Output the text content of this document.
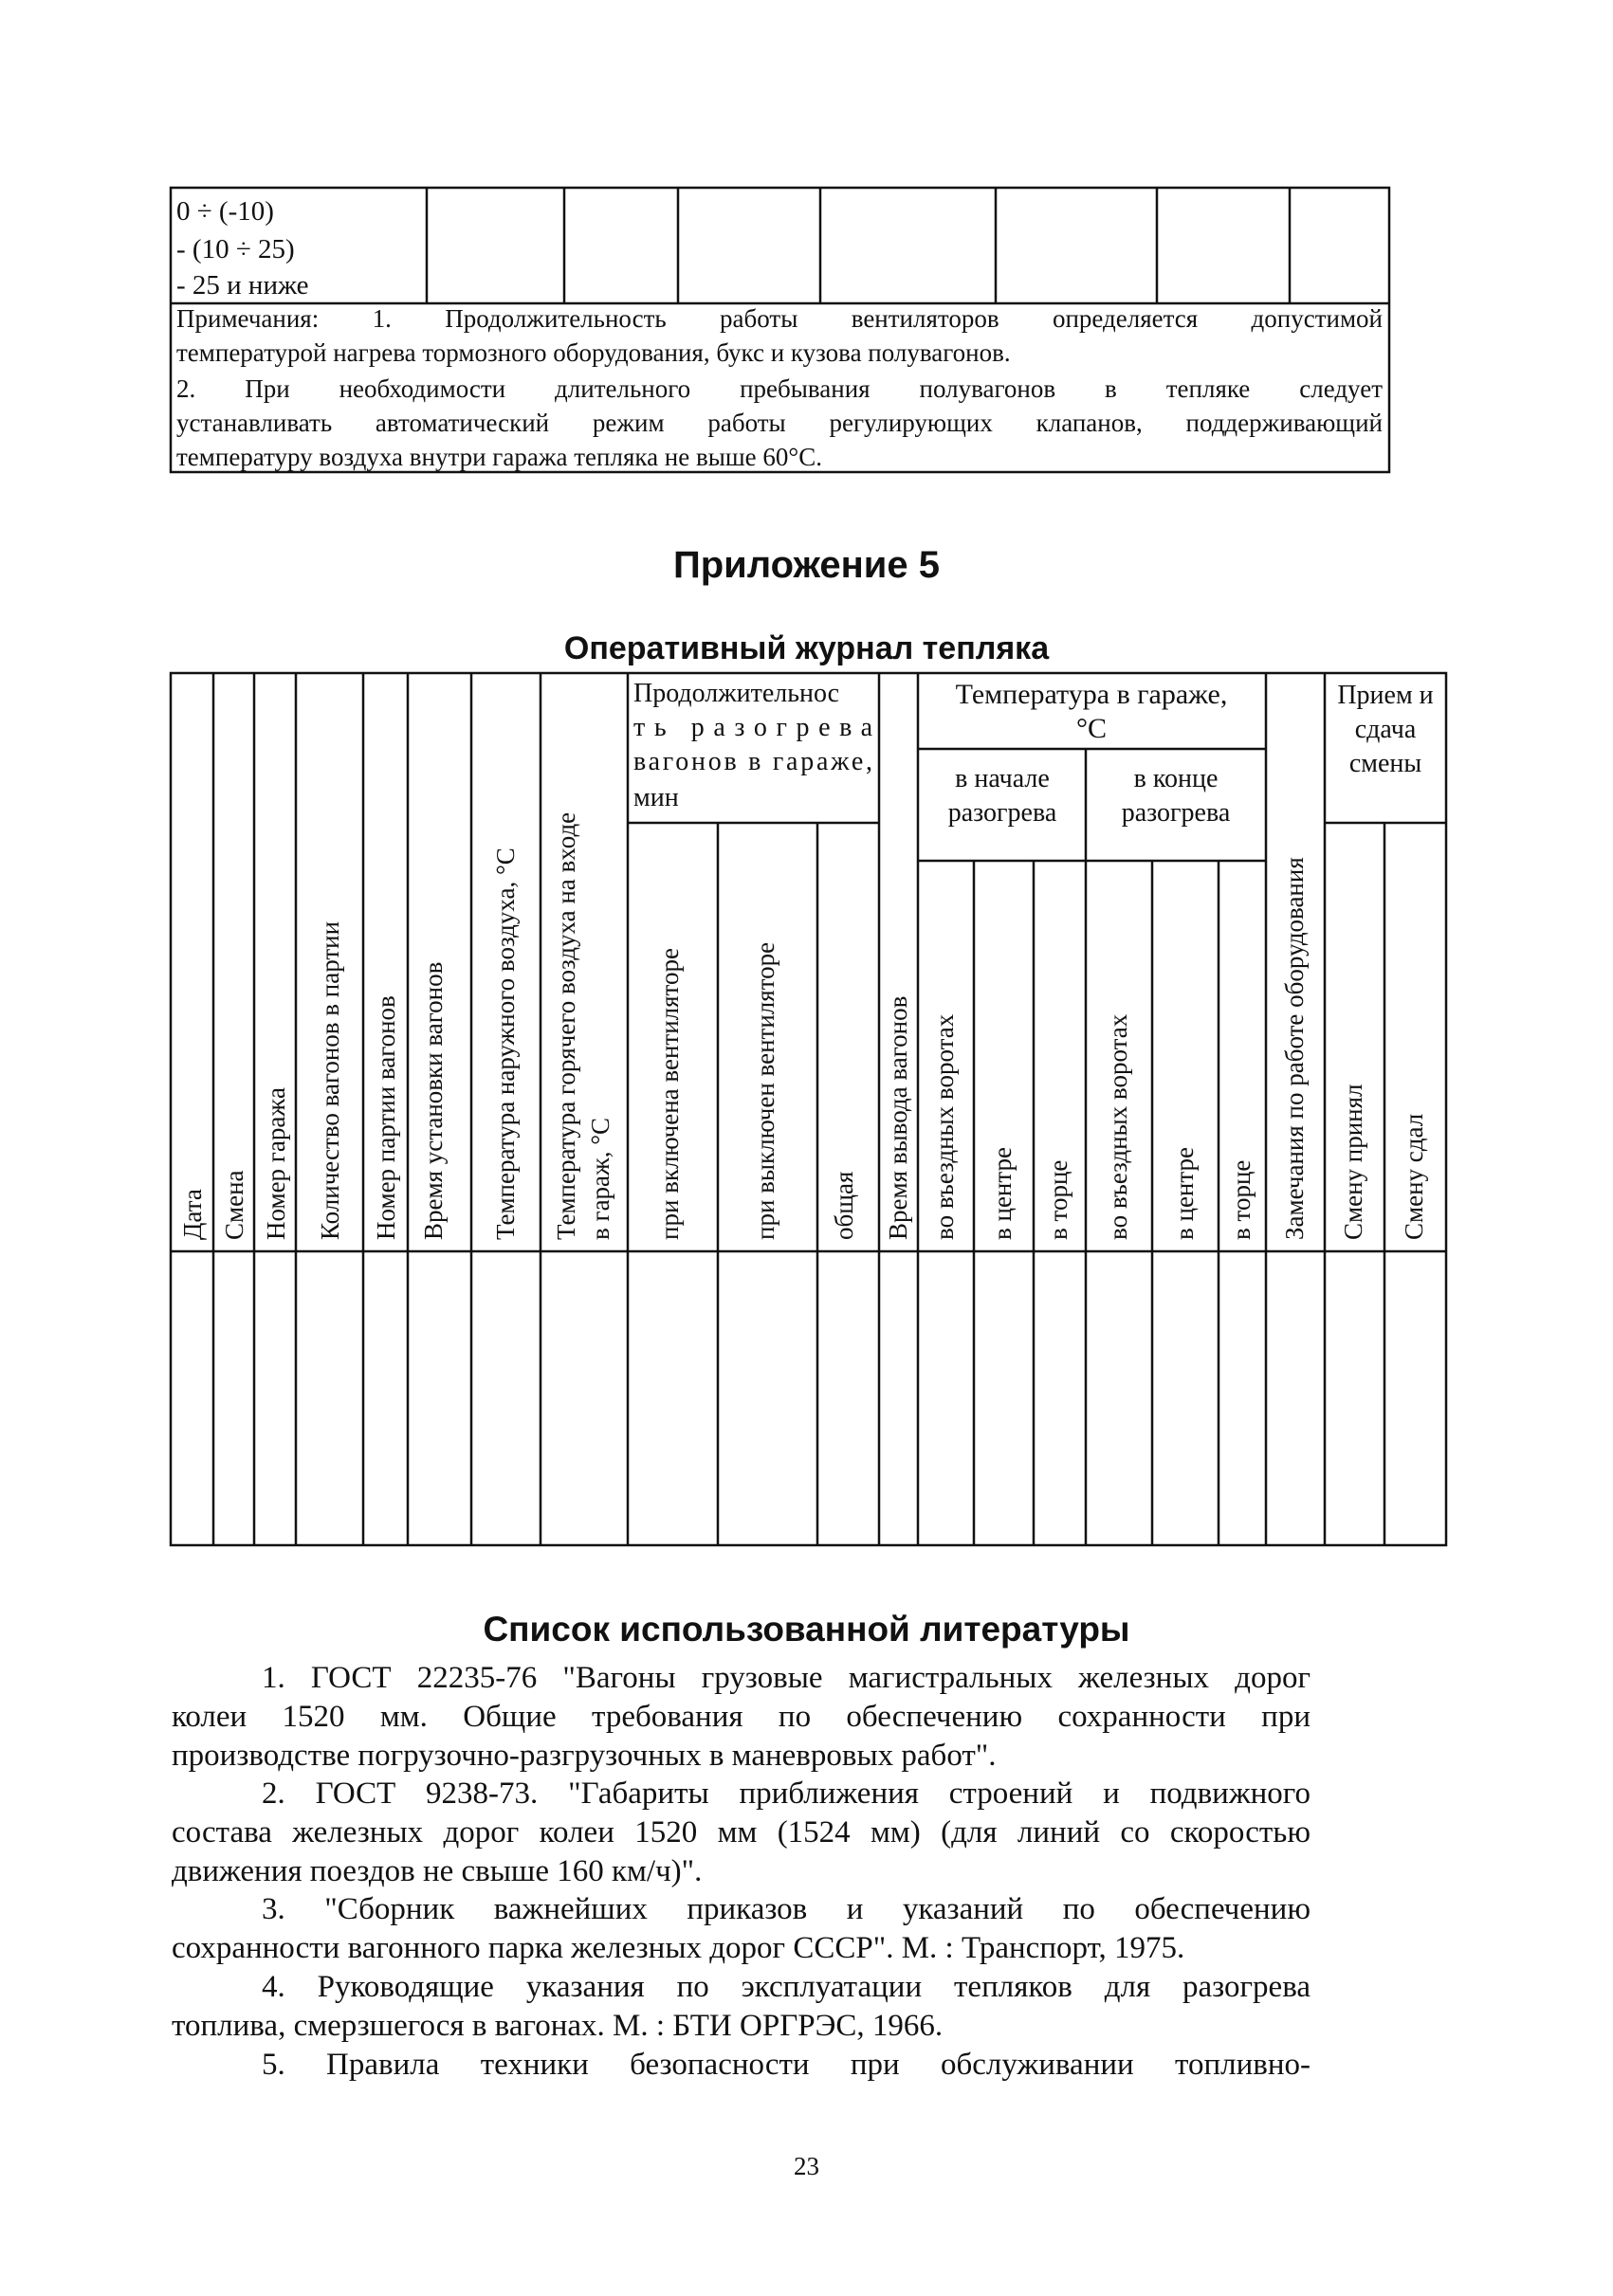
0 ÷ (-10)
- (10 ÷ 25)
- 25 и ниже
Примечания: 1. Продолжительность работы вентиляторов определяется допустимой
температурой нагрева тормозного оборудования, букс и кузова полувагонов.
2. При необходимости длительного пребывания полувагонов в тепляке следует
устанавливать автоматический режим работы регулирующих клапанов, поддерживающий
температуру воздуха внутри гаража тепляка не выше 60°С.
Приложение 5
Оперативный журнал тепляка
Продолжительнос
ть разогрева
вагонов в гараже,
мин
Температура в гараже,
°С
в начале
разогрева
в конце
разогрева
Прием и
сдача
смены
Дата Смена Номер гаража Количество вагонов в партии Номер партии вагонов Время установки вагонов Температура наружного воздуха, °С Температура горячего воздуха на входе в гараж, °С при включена вентиляторе	при выключен вентиляторе общая Время вывода вагонов во въездных воротах в центре в торце во въездных воротах в центре в торце Замечания по работе оборудования Смену принял Смену сдал
Список использованной литературы
1. ГОСТ 22235-76 "Вагоны грузовые магистральных железных дорог
колеи 1520 мм. Общие требования по обеспечению сохранности при
производстве погрузочно-разгрузочных в маневровых работ".
2. ГОСТ 9238-73. "Габариты приближения строений и подвижного
состава железных дорог колеи 1520 мм (1524 мм) (для линий со скоростью
движения поездов не свыше 160 км/ч)".
3. "Сборник важнейших приказов и указаний по обеспечению
сохранности вагонного парка железных дорог СССР". М. : Транспорт, 1975.
4. Руководящие указания по эксплуатации тепляков для разогрева
топлива, смерзшегося в вагонах. М. : БТИ ОРГРЭС, 1966.
5. Правила техники безопасности при обслуживании топливно-
23
